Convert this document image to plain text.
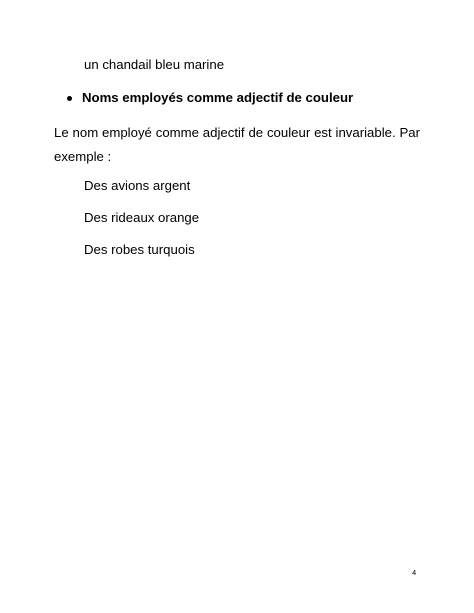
un chandail bleu marine
Noms employés comme adjectif de couleur
Le nom employé comme adjectif de couleur est invariable. Par exemple :
Des avions argent
Des rideaux orange
Des robes turquois
4
